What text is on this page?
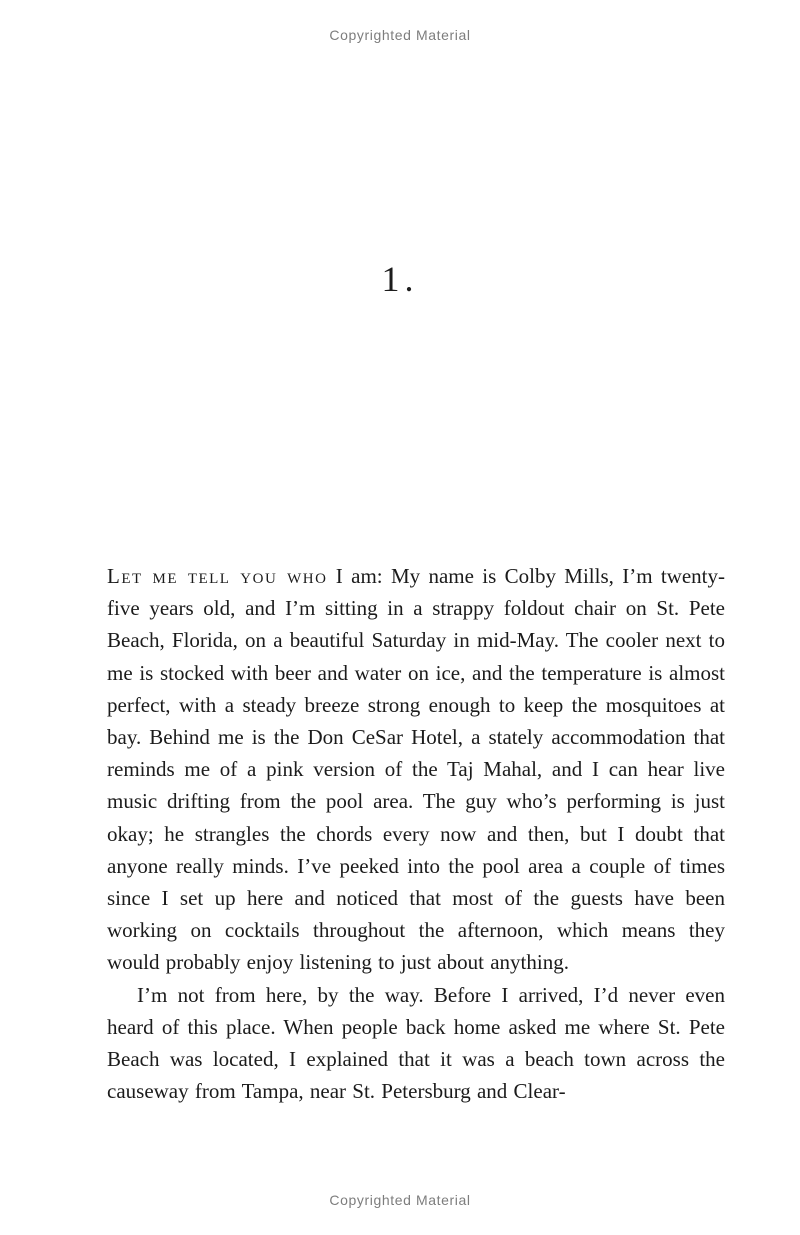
Copyrighted Material
1.

Let me tell you who I am: My name is Colby Mills, I’m twenty-five years old, and I’m sitting in a strappy foldout chair on St. Pete Beach, Florida, on a beautiful Saturday in mid-May. The cooler next to me is stocked with beer and water on ice, and the temperature is almost perfect, with a steady breeze strong enough to keep the mosquitoes at bay. Behind me is the Don CeSar Hotel, a stately accommodation that reminds me of a pink version of the Taj Mahal, and I can hear live music drifting from the pool area. The guy who’s performing is just okay; he strangles the chords every now and then, but I doubt that anyone really minds. I’ve peeked into the pool area a couple of times since I set up here and noticed that most of the guests have been working on cocktails throughout the afternoon, which means they would probably enjoy listening to just about anything.

I’m not from here, by the way. Before I arrived, I’d never even heard of this place. When people back home asked me where St. Pete Beach was located, I explained that it was a beach town across the causeway from Tampa, near St. Petersburg and Clear-

Copyrighted Material
